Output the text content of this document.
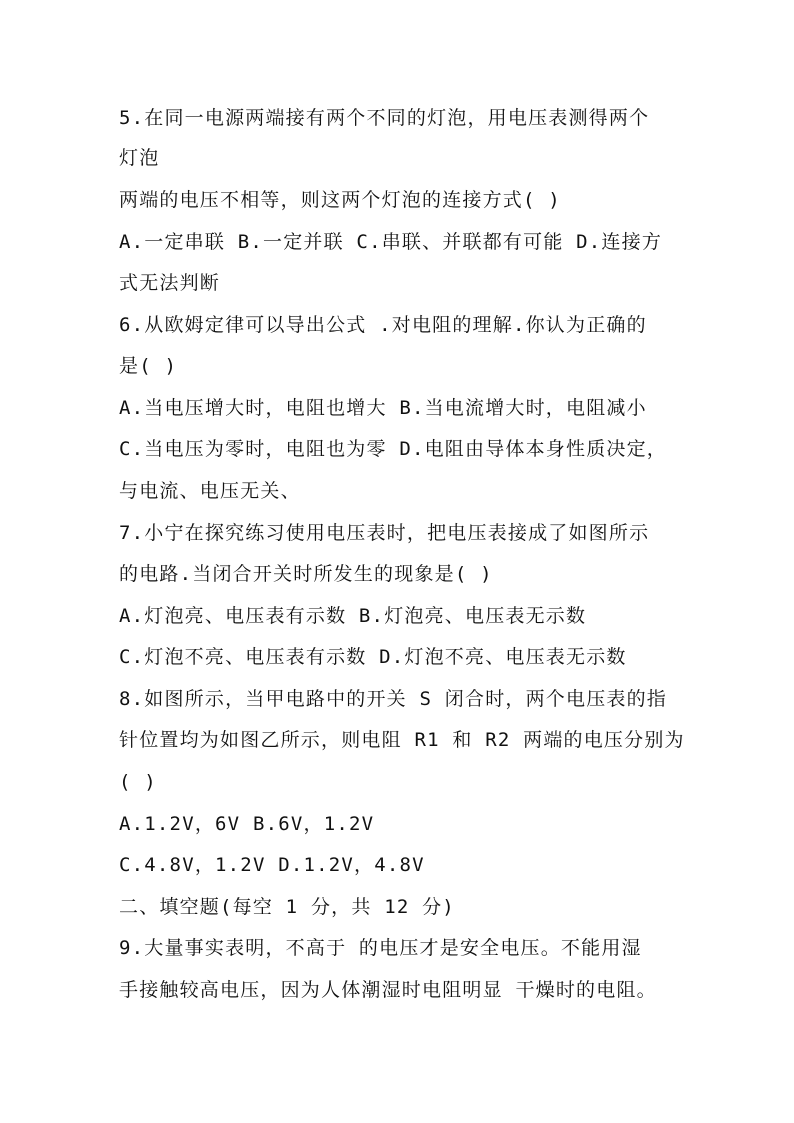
5.在同一电源两端接有两个不同的灯泡，用电压表测得两个
灯泡
两端的电压不相等，则这两个灯泡的连接方式( )
A.一定串联 B.一定并联 C.串联、并联都有可能 D.连接方
式无法判断
6.从欧姆定律可以导出公式 .对电阻的理解.你认为正确的
是( )
A.当电压增大时，电阻也增大 B.当电流增大时，电阻减小
C.当电压为零时，电阻也为零 D.电阻由导体本身性质决定，
与电流、电压无关、
7.小宁在探究练习使用电压表时，把电压表接成了如图所示
的电路.当闭合开关时所发生的现象是( )
A.灯泡亮、电压表有示数 B.灯泡亮、电压表无示数
C.灯泡不亮、电压表有示数 D.灯泡不亮、电压表无示数
8.如图所示，当甲电路中的开关 S 闭合时，两个电压表的指
针位置均为如图乙所示，则电阻 R1 和 R2 两端的电压分别为
( )
A.1.2V，6V B.6V，1.2V
C.4.8V，1.2V D.1.2V，4.8V
二、填空题(每空 1 分，共 12 分)
9.大量事实表明，不高于 的电压才是安全电压。不能用湿
手接触较高电压，因为人体潮湿时电阻明显 干燥时的电阻。
